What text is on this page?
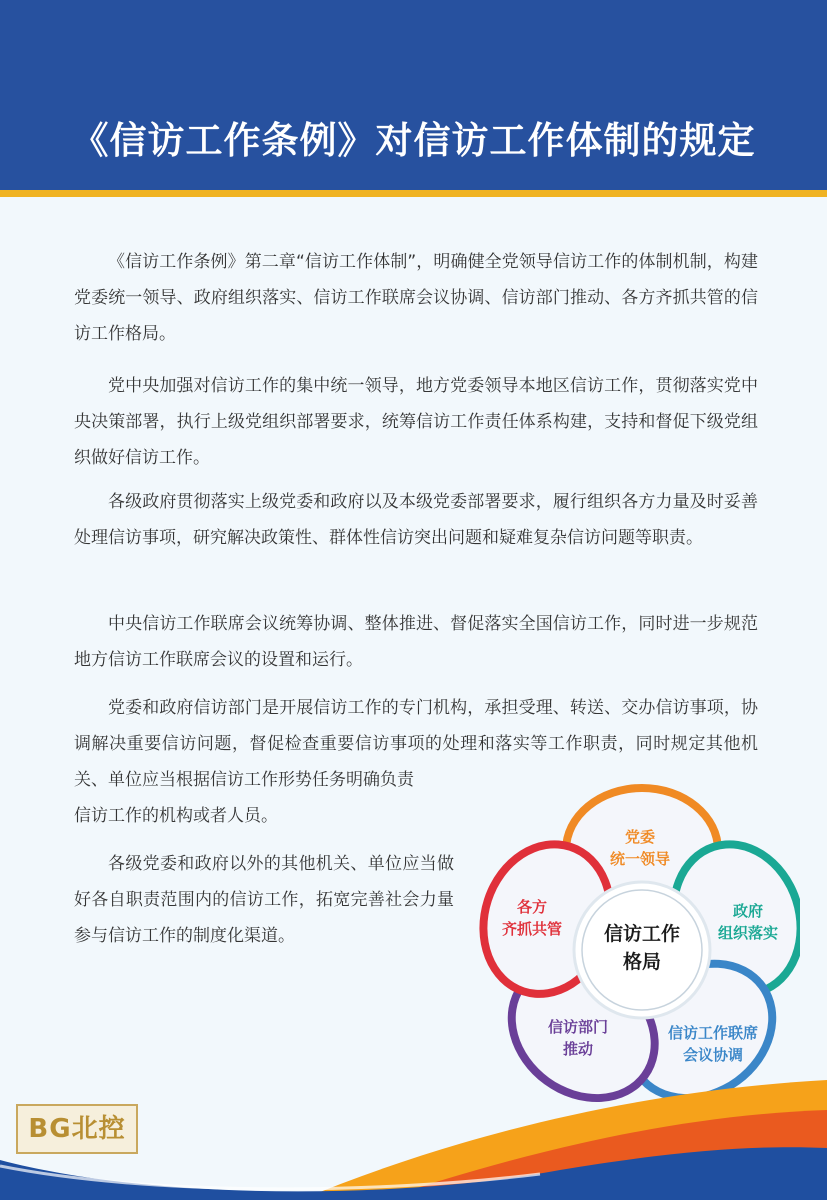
《信访工作条例》对信访工作体制的规定

《信访工作条例》第二章“信访工作体制”，明确健全党领导信访工作的体制机制，构建党委统一领导、政府组织落实、信访工作联席会议协调、信访部门推动、各方齐抓共管的信访工作格局。

党中央加强对信访工作的集中统一领导，地方党委领导本地区信访工作，贯彻落实党中央决策部署，执行上级党组织部署要求，统筹信访工作责任体系构建，支持和督促下级党组织做好信访工作。

各级政府贯彻落实上级党委和政府以及本级党委部署要求，履行组织各方力量及时妥善处理信访事项，研究解决政策性、群体性信访突出问题和疑难复杂信访问题等职责。

中央信访工作联席会议统筹协调、整体推进、督促落实全国信访工作，同时进一步规范地方信访工作联席会议的设置和运行。

党委和政府信访部门是开展信访工作的专门机构，承担受理、转送、交办信访事项，协调解决重要信访问题，督促检查重要信访事项的处理和落实等工作职责，同时规定其他机关、单位应当根据信访工作形势任务明确负责

信访工作的机构或者人员。

各级党委和政府以外的其他机关、单位应当做好各自职责范围内的信访工作，拓宽完善社会力量参与信访工作的制度化渠道。

党委
统一领导
政府
组织落实
信访工作联席
会议协调
信访部门
推动
各方
齐抓共管	信访工作
格局
BG北控
